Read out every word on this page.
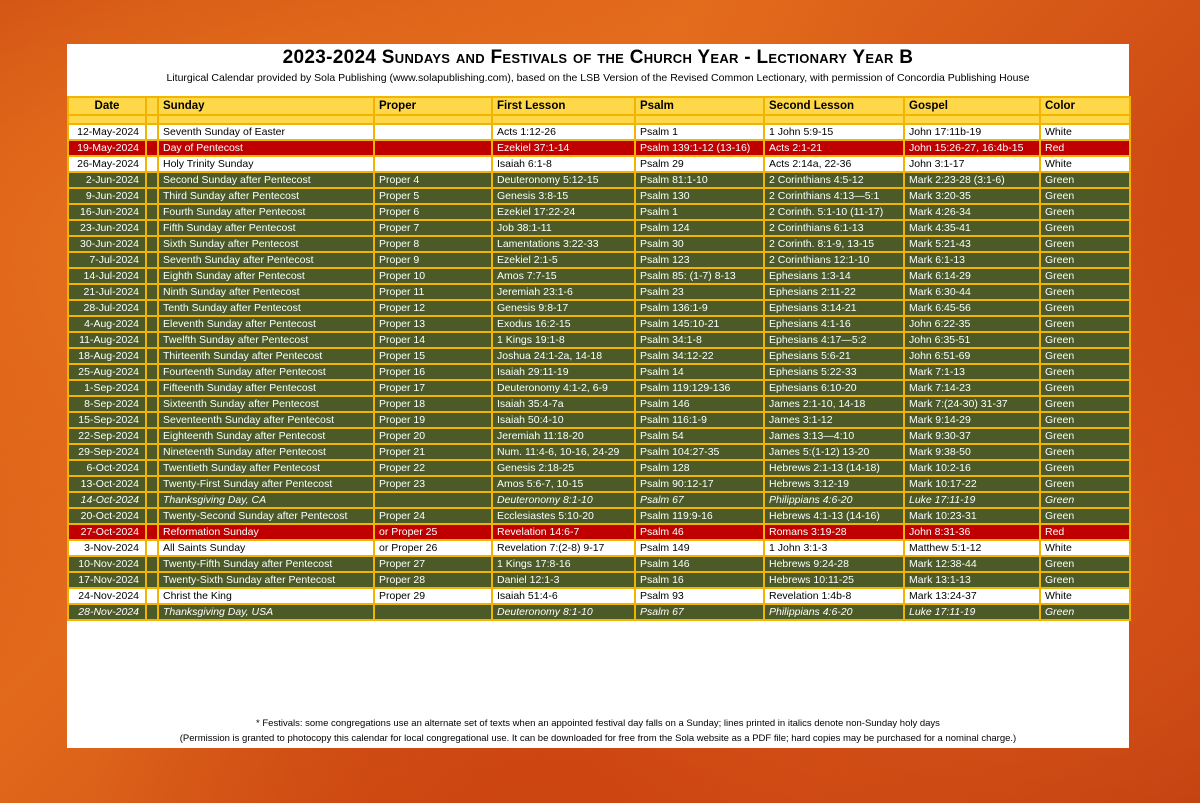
2023-2024 Sundays and Festivals of the Church Year - Lectionary Year B
Liturgical Calendar provided by Sola Publishing (www.solapublishing.com), based on the LSB Version of the Revised Common Lectionary, with permission of Concordia Publishing House
Date		Sunday	Proper	First Lesson	Psalm	Second Lesson	Gospel	Color

12-May-2024		Seventh Sunday of Easter		Acts 1:12-26	Psalm 1	1 John 5:9-15	John 17:11b-19	White
19-May-2024		Day of Pentecost		Ezekiel 37:1-14	Psalm 139:1-12 (13-16)	Acts 2:1-21	John 15:26-27, 16:4b-15	Red
26-May-2024		Holy Trinity Sunday		Isaiah 6:1-8	Psalm 29	Acts 2:14a, 22-36	John 3:1-17	White
2-Jun-2024		Second Sunday after Pentecost	Proper 4	Deuteronomy 5:12-15	Psalm 81:1-10	2 Corinthians 4:5-12	Mark 2:23-28 (3:1-6)	Green
9-Jun-2024		Third Sunday after Pentecost	Proper 5	Genesis 3:8-15	Psalm 130	2 Corinthians 4:13—5:1	Mark 3:20-35	Green
16-Jun-2024		Fourth Sunday after Pentecost	Proper 6	Ezekiel 17:22-24	Psalm 1	2 Corinth. 5:1-10 (11-17)	Mark 4:26-34	Green
23-Jun-2024		Fifth Sunday after Pentecost	Proper 7	Job 38:1-11	Psalm 124	2 Corinthians 6:1-13	Mark 4:35-41	Green
30-Jun-2024		Sixth Sunday after Pentecost	Proper 8	Lamentations 3:22-33	Psalm 30	2 Corinth. 8:1-9, 13-15	Mark 5:21-43	Green
7-Jul-2024		Seventh Sunday after Pentecost	Proper 9	Ezekiel 2:1-5	Psalm 123	2 Corinthians 12:1-10	Mark 6:1-13	Green
14-Jul-2024		Eighth Sunday after Pentecost	Proper 10	Amos 7:7-15	Psalm 85: (1-7) 8-13	Ephesians 1:3-14	Mark 6:14-29	Green
21-Jul-2024		Ninth Sunday after Pentecost	Proper 11	Jeremiah 23:1-6	Psalm 23	Ephesians 2:11-22	Mark 6:30-44	Green
28-Jul-2024		Tenth Sunday after Pentecost	Proper 12	Genesis 9:8-17	Psalm 136:1-9	Ephesians 3:14-21	Mark 6:45-56	Green
4-Aug-2024		Eleventh Sunday after Pentecost	Proper 13	Exodus 16:2-15	Psalm 145:10-21	Ephesians 4:1-16	John 6:22-35	Green
11-Aug-2024		Twelfth Sunday after Pentecost	Proper 14	1 Kings 19:1-8	Psalm 34:1-8	Ephesians 4:17—5:2	John 6:35-51	Green
18-Aug-2024		Thirteenth Sunday after Pentecost	Proper 15	Joshua 24:1-2a, 14-18	Psalm 34:12-22	Ephesians 5:6-21	John 6:51-69	Green
25-Aug-2024		Fourteenth Sunday after Pentecost	Proper 16	Isaiah 29:11-19	Psalm 14	Ephesians 5:22-33	Mark 7:1-13	Green
1-Sep-2024		Fifteenth Sunday after Pentecost	Proper 17	Deuteronomy 4:1-2, 6-9	Psalm 119:129-136	Ephesians 6:10-20	Mark 7:14-23	Green
8-Sep-2024		Sixteenth Sunday after Pentecost	Proper 18	Isaiah 35:4-7a	Psalm 146	James 2:1-10, 14-18	Mark 7:(24-30) 31-37	Green
15-Sep-2024		Seventeenth Sunday after Pentecost	Proper 19	Isaiah 50:4-10	Psalm 116:1-9	James 3:1-12	Mark 9:14-29	Green
22-Sep-2024		Eighteenth Sunday after Pentecost	Proper 20	Jeremiah 11:18-20	Psalm 54	James 3:13—4:10	Mark 9:30-37	Green
29-Sep-2024		Nineteenth Sunday after Pentecost	Proper 21	Num. 11:4-6, 10-16, 24-29	Psalm 104:27-35	James 5:(1-12) 13-20	Mark 9:38-50	Green
6-Oct-2024		Twentieth Sunday after Pentecost	Proper 22	Genesis 2:18-25	Psalm 128	Hebrews 2:1-13 (14-18)	Mark 10:2-16	Green
13-Oct-2024		Twenty-First Sunday after Pentecost	Proper 23	Amos 5:6-7, 10-15	Psalm 90:12-17	Hebrews 3:12-19	Mark 10:17-22	Green
14-Oct-2024		Thanksgiving Day, CA		Deuteronomy 8:1-10	Psalm 67	Philippians 4:6-20	Luke 17:11-19	Green
20-Oct-2024		Twenty-Second Sunday after Pentecost	Proper 24	Ecclesiastes 5:10-20	Psalm 119:9-16	Hebrews 4:1-13 (14-16)	Mark 10:23-31	Green
27-Oct-2024		Reformation Sunday	or Proper 25	Revelation 14:6-7	Psalm 46	Romans 3:19-28	John 8:31-36	Red
3-Nov-2024		All Saints Sunday	or Proper 26	Revelation 7:(2-8) 9-17	Psalm 149	1 John 3:1-3	Matthew 5:1-12	White
10-Nov-2024		Twenty-Fifth Sunday after Pentecost	Proper 27	1 Kings 17:8-16	Psalm 146	Hebrews 9:24-28	Mark 12:38-44	Green
17-Nov-2024		Twenty-Sixth Sunday after Pentecost	Proper 28	Daniel 12:1-3	Psalm 16	Hebrews 10:11-25	Mark 13:1-13	Green
24-Nov-2024		Christ the King	Proper 29	Isaiah 51:4-6	Psalm 93	Revelation 1:4b-8	Mark 13:24-37	White
28-Nov-2024		Thanksgiving Day, USA		Deuteronomy 8:1-10	Psalm 67	Philippians 4:6-20	Luke 17:11-19	Green
* Festivals: some congregations use an alternate set of texts when an appointed festival day falls on a Sunday; lines printed in italics denote non-Sunday holy days
(Permission is granted to photocopy this calendar for local congregational use. It can be downloaded for free from the Sola website as a PDF file; hard copies may be purchased for a nominal charge.)
